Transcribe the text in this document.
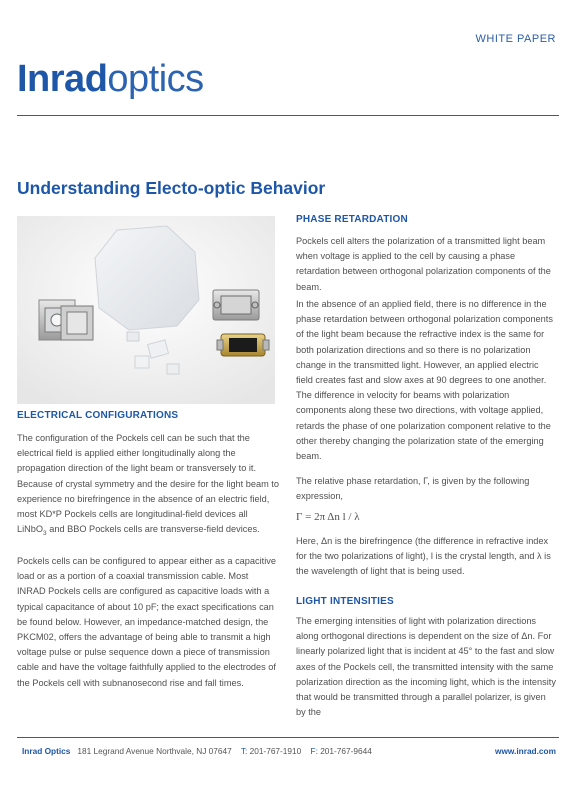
WHITE PAPER
Inradoptics
Understanding Electo-optic Behavior
ELECTRICAL CONFIGURATIONS

The configuration of the Pockels cell can be such that the electrical field is applied either longitudinally along the propagation direction of the light beam or transversely to it. Because of crystal symmetry and the desire for the light beam to experience no birefringence in the absence of an electric field, most KD*P Pockels cells are longitudinal-field devices all LiNbO$_3$ and BBO Pockels cells are transverse-field devices.

Pockels cells can be configured to appear either as a capacitive load or as a portion of a coaxial transmission cable. Most INRAD Pockels cells are configured as capacitive loads with a typical capacitance of about 10 pF; the exact specifications can be found below. However, an impedance-matched design, the PKCM02, offers the advantage of being able to transmit a high voltage pulse or pulse sequence down a piece of transmission cable and have the voltage faithfully applied to the electrodes of the Pockels cell with subnanosecond rise and fall times.

PHASE RETARDATION

Pockels cell alters the polarization of a transmitted light beam when voltage is applied to the cell by causing a phase retardation between orthogonal polarization components of the beam.

In the absence of an applied field, there is no difference in the phase retardation between orthogonal polarization components of the light beam because the refractive index is the same for both polarization directions and so there is no polarization change in the transmitted light. However, an applied electric field creates fast and slow axes at 90 degrees to one another. The difference in velocity for beams with polarization components along these two directions, with voltage applied, retards the phase of one polarization component relative to the other thereby changing the polarization state of the emerging beam.

The relative phase retardation, Γ, is given by the following expression,

Γ = 2π Δn l / λ

Here, Δn is the birefringence (the difference in refractive index for the two polarizations of light), l is the crystal length, and λ is the wavelength of light that is being used.

LIGHT INTENSITIES

The emerging intensities of light with polarization directions along orthogonal directions is dependent on the size of Δn. For linearly polarized light that is incident at 45° to the fast and slow axes of the Pockels cell, the transmitted intensity with the same polarization direction as the incoming light, which is the intensity that would be transmitted through a parallel polarizer, is given by the

Inrad Optics 181 Legrand Avenue Northvale, NJ 07647 T: 201-767-1910 F: 201-767-9644	www.inrad.com
